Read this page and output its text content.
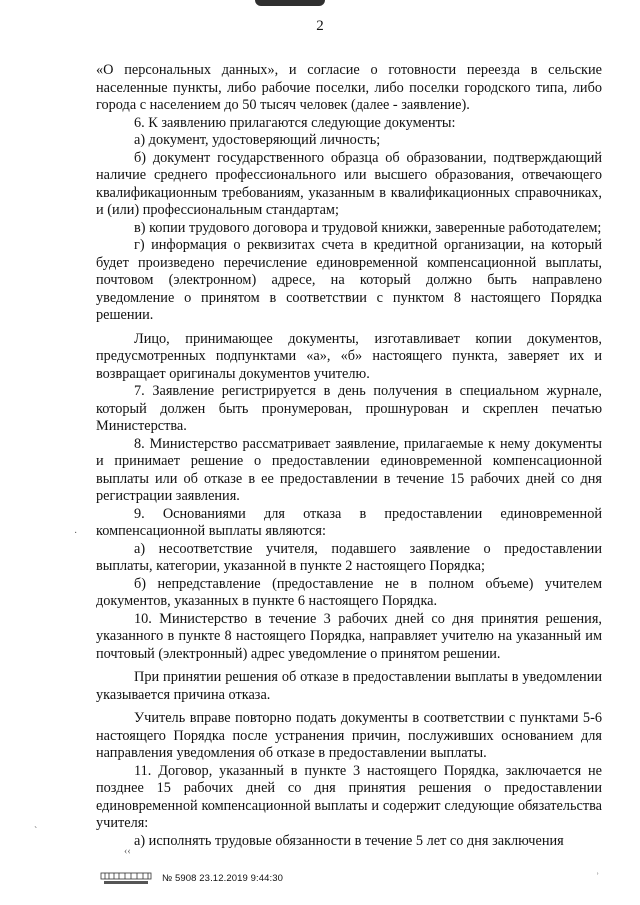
2

«О персональных данных», и согласие о готовности переезда в сельские населенные пункты, либо рабочие поселки, либо поселки городского типа, либо города с населением до 50 тысяч человек (далее - заявление).

6. К заявлению прилагаются следующие документы:

а) документ, удостоверяющий личность;

б) документ государственного образца об образовании, подтверждающий наличие среднего профессионального или высшего образования, отвечающего квалификационным требованиям, указанным в квалификационных справочниках, и (или) профессиональным стандартам;

в) копии трудового договора и трудовой книжки, заверенные работодателем;

г) информация о реквизитах счета в кредитной организации, на который будет произведено перечисление единовременной компенсационной выплаты, почтовом (электронном) адресе, на который должно быть направлено уведомление о принятом в соответствии с пунктом 8 настоящего Порядка решении.

Лицо, принимающее документы, изготавливает копии документов, предусмотренных подпунктами «а», «б» настоящего пункта, заверяет их и возвращает оригиналы документов учителю.

7. Заявление регистрируется в день получения в специальном журнале, который должен быть пронумерован, прошнурован и скреплен печатью Министерства.

8. Министерство рассматривает заявление, прилагаемые к нему документы и принимает решение о предоставлении единовременной компенсационной выплаты или об отказе в ее предоставлении в течение 15 рабочих дней со дня регистрации заявления.

9. Основаниями для отказа в предоставлении единовременной компенсационной выплаты являются:

а) несоответствие учителя, подавшего заявление о предоставлении выплаты, категории, указанной в пункте 2 настоящего Порядка;

б) непредставление (предоставление не в полном объеме) учителем документов, указанных в пункте 6 настоящего Порядка.

10. Министерство в течение 3 рабочих дней со дня принятия решения, указанного в пункте 8 настоящего Порядка, направляет учителю на указанный им почтовый (электронный) адрес уведомление о принятом решении.

При принятии решения об отказе в предоставлении выплаты в уведомлении указывается причина отказа.

Учитель вправе повторно подать документы в соответствии с пунктами 5-6 настоящего Порядка после устранения причин, послуживших основанием для направления уведомления об отказе в предоставлении выплаты.

11. Договор, указанный в пункте 3 настоящего Порядка, заключается не позднее 15 рабочих дней со дня принятия решения о предоставлении единовременной компенсационной выплаты и содержит следующие обязательства учителя:

а) исполнять трудовые обязанности в течение 5 лет со дня заключения

·
ˋ
ʾ
‹‹
№ 5908 23.12.2019 9:44:30
